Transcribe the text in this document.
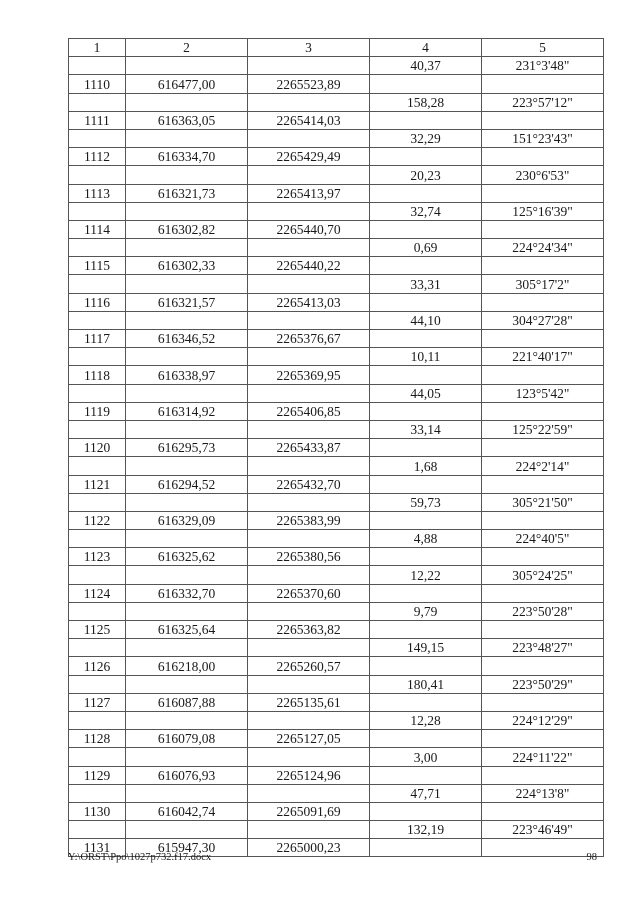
1	2	3	4	5
			40,37	231°3'48"
1110	616477,00	2265523,89		
			158,28	223°57'12"
1111	616363,05	2265414,03		
			32,29	151°23'43"
1112	616334,70	2265429,49		
			20,23	230°6'53"
1113	616321,73	2265413,97		
			32,74	125°16'39"
1114	616302,82	2265440,70		
			0,69	224°24'34"
1115	616302,33	2265440,22		
			33,31	305°17'2"
1116	616321,57	2265413,03		
			44,10	304°27'28"
1117	616346,52	2265376,67		
			10,11	221°40'17"
1118	616338,97	2265369,95		
			44,05	123°5'42"
1119	616314,92	2265406,85		
			33,14	125°22'59"
1120	616295,73	2265433,87		
			1,68	224°2'14"
1121	616294,52	2265432,70		
			59,73	305°21'50"
1122	616329,09	2265383,99		
			4,88	224°40'5"
1123	616325,62	2265380,56		
			12,22	305°24'25"
1124	616332,70	2265370,60		
			9,79	223°50'28"
1125	616325,64	2265363,82		
			149,15	223°48'27"
1126	616218,00	2265260,57		
			180,41	223°50'29"
1127	616087,88	2265135,61		
			12,28	224°12'29"
1128	616079,08	2265127,05		
			3,00	224°11'22"
1129	616076,93	2265124,96		
			47,71	224°13'8"
1130	616042,74	2265091,69		
			132,19	223°46'49"
1131	615947,30	2265000,23		
Y:\ORST\Ppo\1027p732.f17.docx	98
